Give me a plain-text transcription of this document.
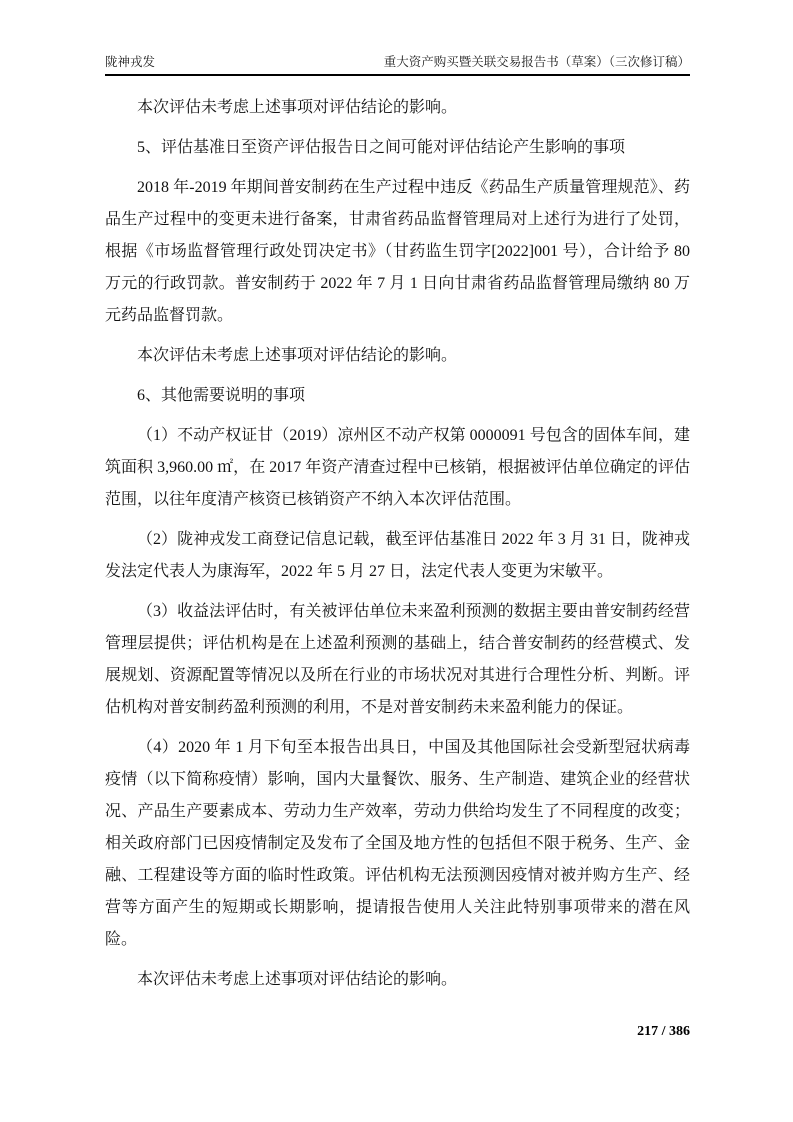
陇神戎发	重大资产购买暨关联交易报告书（草案）（三次修订稿）

本次评估未考虑上述事项对评估结论的影响。

5、评估基准日至资产评估报告日之间可能对评估结论产生影响的事项

2018 年-2019 年期间普安制药在生产过程中违反《药品生产质量管理规范》、药品生产过程中的变更未进行备案，甘肃省药品监督管理局对上述行为进行了处罚，根据《市场监督管理行政处罚决定书》（甘药监生罚字[2022]001 号），合计给予 80 万元的行政罚款。普安制药于 2022 年 7 月 1 日向甘肃省药品监督管理局缴纳 80 万元药品监督罚款。

本次评估未考虑上述事项对评估结论的影响。

6、其他需要说明的事项

（1）不动产权证甘（2019）凉州区不动产权第 0000091 号包含的固体车间，建筑面积 3,960.00 ㎡，在 2017 年资产清查过程中已核销，根据被评估单位确定的评估范围，以往年度清产核资已核销资产不纳入本次评估范围。

（2）陇神戎发工商登记信息记载，截至评估基准日 2022 年 3 月 31 日，陇神戎发法定代表人为康海军，2022 年 5 月 27 日，法定代表人变更为宋敏平。

（3）收益法评估时，有关被评估单位未来盈利预测的数据主要由普安制药经营管理层提供；评估机构是在上述盈利预测的基础上，结合普安制药的经营模式、发展规划、资源配置等情况以及所在行业的市场状况对其进行合理性分析、判断。评估机构对普安制药盈利预测的利用，不是对普安制药未来盈利能力的保证。

（4）2020 年 1 月下旬至本报告出具日，中国及其他国际社会受新型冠状病毒疫情（以下简称疫情）影响，国内大量餐饮、服务、生产制造、建筑企业的经营状况、产品生产要素成本、劳动力生产效率，劳动力供给均发生了不同程度的改变；相关政府部门已因疫情制定及发布了全国及地方性的包括但不限于税务、生产、金融、工程建设等方面的临时性政策。评估机构无法预测因疫情对被并购方生产、经营等方面产生的短期或长期影响，提请报告使用人关注此特别事项带来的潜在风险。

本次评估未考虑上述事项对评估结论的影响。

217 / 386
